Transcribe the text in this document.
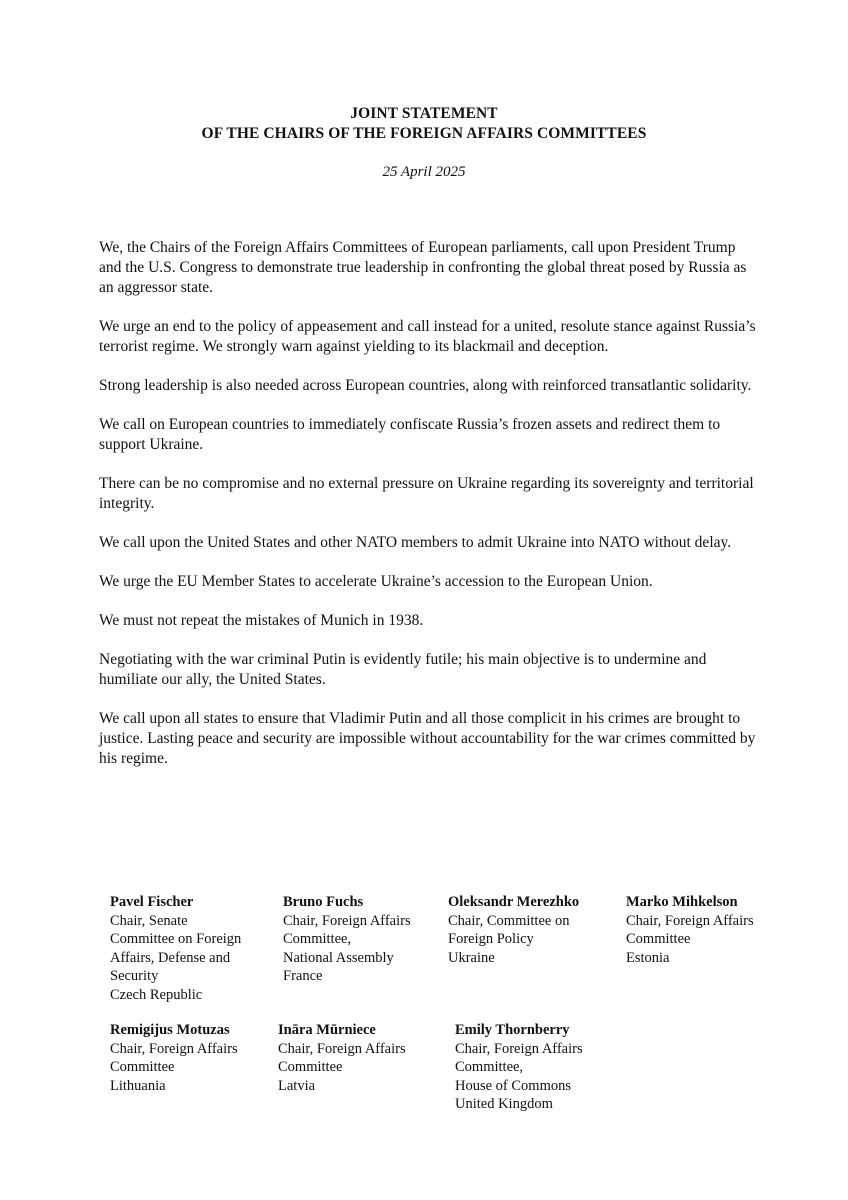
JOINT STATEMENT
OF THE CHAIRS OF THE FOREIGN AFFAIRS COMMITTEES
25 April 2025

We, the Chairs of the Foreign Affairs Committees of European parliaments, call upon President Trump and the U.S. Congress to demonstrate true leadership in confronting the global threat posed by Russia as an aggressor state.

We urge an end to the policy of appeasement and call instead for a united, resolute stance against Russia’s terrorist regime. We strongly warn against yielding to its blackmail and deception.

Strong leadership is also needed across European countries, along with reinforced transatlantic solidarity.

We call on European countries to immediately confiscate Russia’s frozen assets and redirect them to support Ukraine.

There can be no compromise and no external pressure on Ukraine regarding its sovereignty and territorial integrity.

We call upon the United States and other NATO members to admit Ukraine into NATO without delay.

We urge the EU Member States to accelerate Ukraine’s accession to the European Union.

We must not repeat the mistakes of Munich in 1938.

Negotiating with the war criminal Putin is evidently futile; his main objective is to undermine and humiliate our ally, the United States.

We call upon all states to ensure that Vladimir Putin and all those complicit in his crimes are brought to justice. Lasting peace and security are impossible without accountability for the war crimes committed by his regime.

Pavel Fischer
Chair, Senate
Committee on Foreign
Affairs, Defense and
Security
Czech Republic
Bruno Fuchs
Chair, Foreign Affairs
Committee,
National Assembly
France
Oleksandr Merezhko
Chair, Committee on
Foreign Policy
Ukraine
Marko Mihkelson
Chair, Foreign Affairs
Committee
Estonia
Remigijus Motuzas
Chair, Foreign Affairs
Committee
Lithuania
Ināra Mūrniece
Chair, Foreign Affairs
Committee
Latvia
Emily Thornberry
Chair, Foreign Affairs
Committee,
House of Commons
United Kingdom
